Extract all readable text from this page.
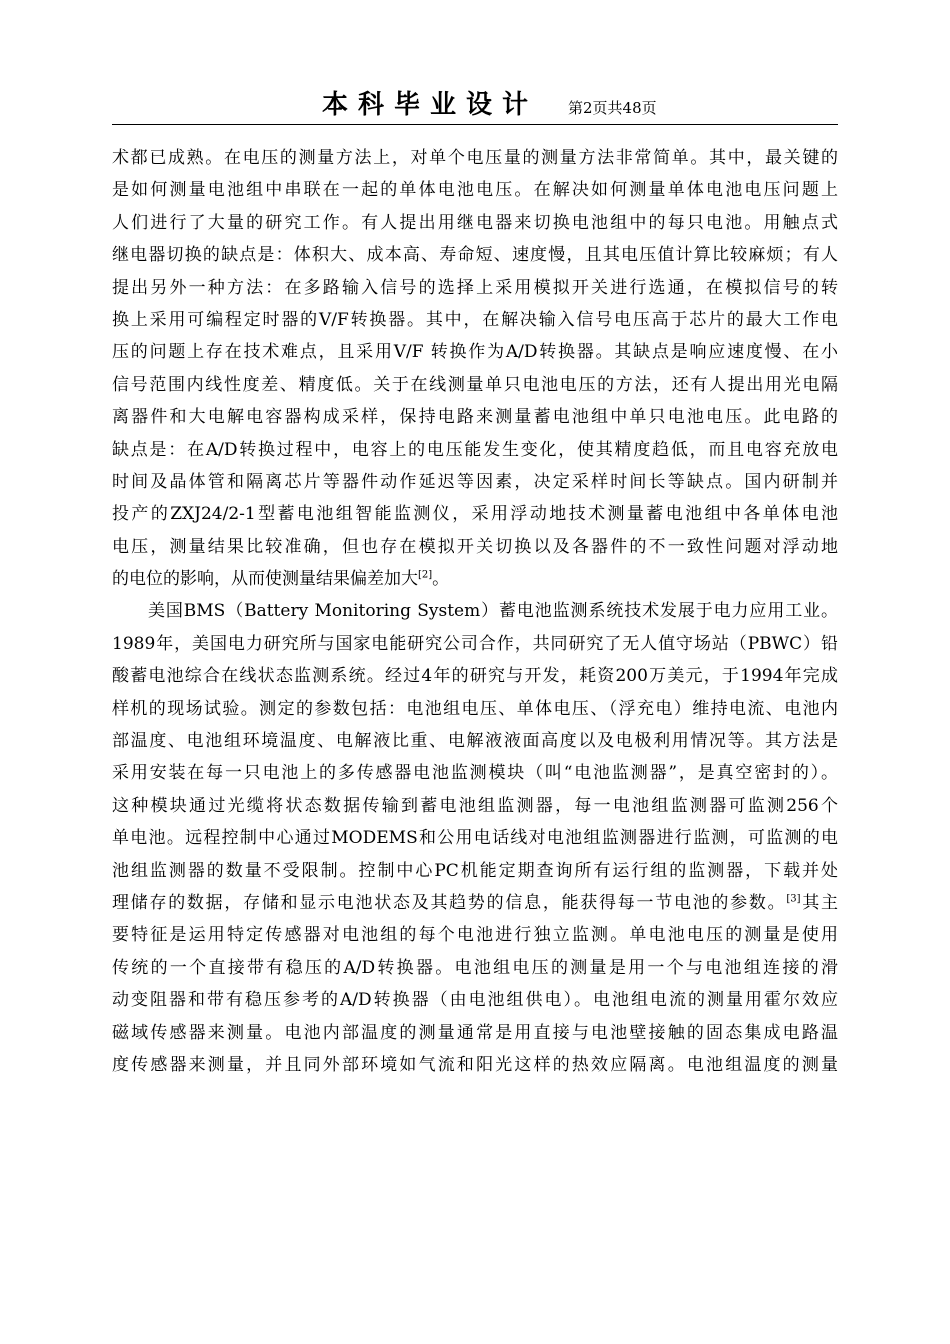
本科毕业设计 第2页共48页
术都已成熟。在电压的测量方法上，对单个电压量的测量方法非常简单。其中，最关键的
是如何测量电池组中串联在一起的单体电池电压。在解决如何测量单体电池电压问题上
人们进行了大量的研究工作。有人提出用继电器来切换电池组中的每只电池。用触点式
继电器切换的缺点是：体积大、成本高、寿命短、速度慢，且其电压值计算比较麻烦；有人
提出另外一种方法：在多路输入信号的选择上采用模拟开关进行选通，在模拟信号的转
换上采用可编程定时器的V/F转换器。其中，在解决输入信号电压高于芯片的最大工作电
压的问题上存在技术难点，且采用V/F 转换作为A/D转换器。其缺点是响应速度慢、在小
信号范围内线性度差、精度低。关于在线测量单只电池电压的方法，还有人提出用光电隔
离器件和大电解电容器构成采样，保持电路来测量蓄电池组中单只电池电压。此电路的
缺点是：在A/D转换过程中，电容上的电压能发生变化，使其精度趋低，而且电容充放电
时间及晶体管和隔离芯片等器件动作延迟等因素，决定采样时间长等缺点。国内研制并
投产的ZXJ24/2-1型蓄电池组智能监测仪，采用浮动地技术测量蓄电池组中各单体电池
电压，测量结果比较准确，但也存在模拟开关切换以及各器件的不一致性问题对浮动地
的电位的影响，从而使测量结果偏差加大[2]。
美国BMS（Battery Monitoring System）蓄电池监测系统技术发展于电力应用工业。
1989年，美国电力研究所与国家电能研究公司合作，共同研究了无人值守场站（PBWC）铅
酸蓄电池综合在线状态监测系统。经过4年的研究与开发，耗资200万美元，于1994年完成
样机的现场试验。测定的参数包括：电池组电压、单体电压、（浮充电）维持电流、电池内
部温度、电池组环境温度、电解液比重、电解液液面高度以及电极利用情况等。其方法是
采用安装在每一只电池上的多传感器电池监测模块（叫“电池监测器”，是真空密封的）。
这种模块通过光缆将状态数据传输到蓄电池组监测器，每一电池组监测器可监测256个
单电池。远程控制中心通过MODEMS和公用电话线对电池组监测器进行监测，可监测的电
池组监测器的数量不受限制。控制中心PC机能定期查询所有运行组的监测器，下载并处
理储存的数据，存储和显示电池状态及其趋势的信息，能获得每一节电池的参数。[3]其主
要特征是运用特定传感器对电池组的每个电池进行独立监测。单电池电压的测量是使用
传统的一个直接带有稳压的A/D转换器。电池组电压的测量是用一个与电池组连接的滑
动变阻器和带有稳压参考的A/D转换器（由电池组供电）。电池组电流的测量用霍尔效应
磁域传感器来测量。电池内部温度的测量通常是用直接与电池壁接触的固态集成电路温
度传感器来测量，并且同外部环境如气流和阳光这样的热效应隔离。电池组温度的测量
